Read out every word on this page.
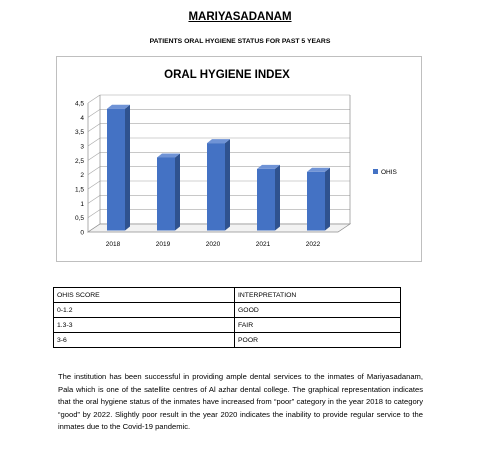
MARIYASADANAM
PATIENTS ORAL HYGIENE STATUS FOR PAST 5 YEARS
ORAL HYGIENE INDEX
0
0,5
1
1,5
2
2,5
3
3,5
4
4,5
2018	2019	2020	2021	2022
OHIS
OHIS SCORE	INTERPRETATION
0-1.2	GOOD
1.3-3	FAIR
3-6	POOR

The institution has been successful in providing ample dental services to the inmates of Mariyasadanam, Pala which is one of the satellite centres of Al azhar dental college. The graphical representation indicates that the oral hygiene status of the inmates have increased from “poor” category in the year 2018 to category “good” by 2022. Slightly poor result in the year 2020 indicates the inability to provide regular service to the inmates due to the Covid-19 pandemic.
